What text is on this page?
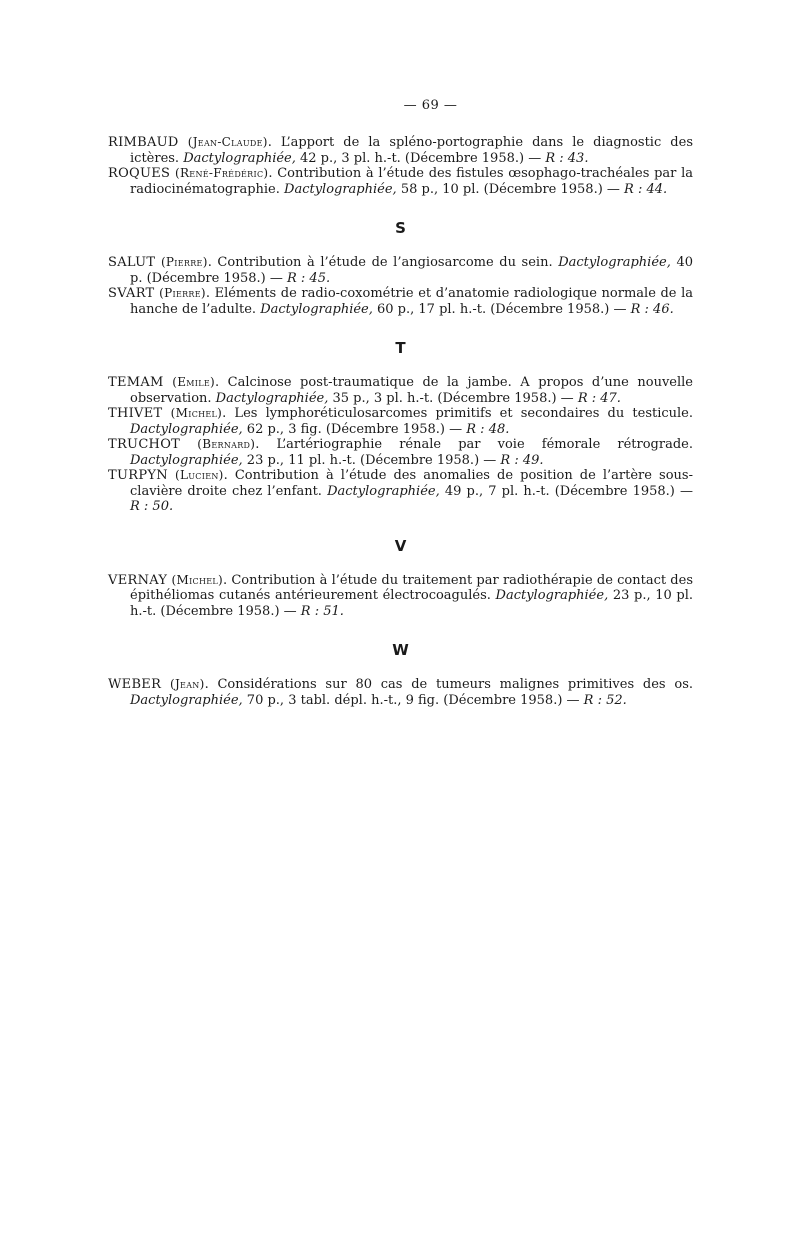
— 69 —

RIMBAUD (Jean-Claude). L’apport de la spléno-portographie dans le diagnostic des ictères. Dactylographiée, 42 p., 3 pl. h.-t. (Décembre 1958.) — R : 43.

ROQUES (René-Frédéric). Contribution à l’étude des fistules œsophago-trachéales par la radiocinématographie. Dactylographiée, 58 p., 10 pl. (Décembre 1958.) — R : 44.

S

SALUT (Pierre). Contribution à l’étude de l’angiosarcome du sein. Dactylographiée, 40 p. (Décembre 1958.) — R : 45.

SVART (Pierre). Eléments de radio-coxométrie et d’anatomie radiologique normale de la hanche de l’adulte. Dactylographiée, 60 p., 17 pl. h.-t. (Décembre 1958.) — R : 46.

T

TEMAM (Emile). Calcinose post-traumatique de la jambe. A propos d’une nouvelle observation. Dactylographiée, 35 p., 3 pl. h.-t. (Décembre 1958.) — R : 47.

THIVET (Michel). Les lymphoréticulosarcomes primitifs et secondaires du testicule. Dactylographiée, 62 p., 3 fig. (Décembre 1958.) — R : 48.

TRUCHOT (Bernard). L’artériographie rénale par voie fémorale rétrograde. Dactylographiée, 23 p., 11 pl. h.-t. (Décembre 1958.) — R : 49.

TURPYN (Lucien). Contribution à l’étude des anomalies de position de l’artère sous-clavière droite chez l’enfant. Dactylographiée, 49 p., 7 pl. h.-t. (Décembre 1958.) — R : 50.

V

VERNAY (Michel). Contribution à l’étude du traitement par radiothérapie de contact des épithéliomas cutanés antérieurement électrocoagulés. Dactylographiée, 23 p., 10 pl. h.-t. (Décembre 1958.) — R : 51.

W

WEBER (Jean). Considérations sur 80 cas de tumeurs malignes primitives des os. Dactylographiée, 70 p., 3 tabl. dépl. h.-t., 9 fig. (Décembre 1958.) — R : 52.
